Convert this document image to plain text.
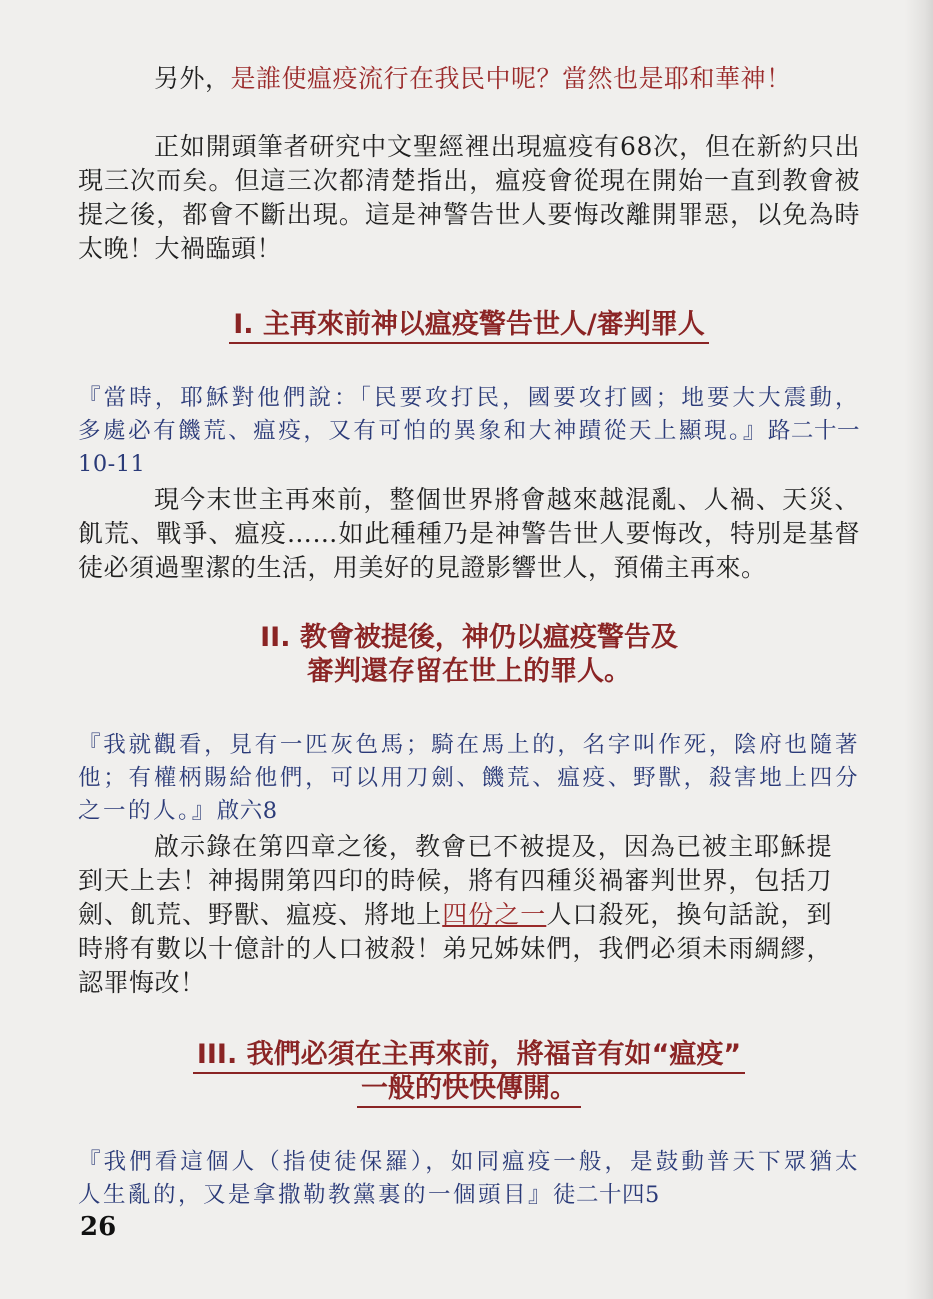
另外，是誰使瘟疫流行在我民中呢？當然也是耶和華神！

正如開頭筆者研究中文聖經裡出現瘟疫有68次，但在新約只出現三次而矣。但這三次都清楚指出，瘟疫會從現在開始一直到教會被提之後，都會不斷出現。這是神警告世人要悔改離開罪惡，以免為時太晚！大禍臨頭！

I. 主再來前神以瘟疫警告世人/審判罪人

『當時，耶穌對他們說：「民要攻打民，國要攻打國；地要大大震動，多處必有饑荒、瘟疫，又有可怕的異象和大神蹟從天上顯現。』路二十一10-11

現今末世主再來前，整個世界將會越來越混亂、人禍、天災、飢荒、戰爭、瘟疫……如此種種乃是神警告世人要悔改，特別是基督徒必須過聖潔的生活，用美好的見證影響世人，預備主再來。

II. 教會被提後，神仍以瘟疫警告及
審判還存留在世上的罪人。

『我就觀看，見有一匹灰色馬；騎在馬上的，名字叫作死，陰府也隨著他；有權柄賜給他們，可以用刀劍、饑荒、瘟疫、野獸，殺害地上四分之一的人。』啟六8

啟示錄在第四章之後，教會已不被提及，因為已被主耶穌提到天上去！神揭開第四印的時候，將有四種災禍審判世界，包括刀劍、飢荒、野獸、瘟疫、將地上四份之一人口殺死，換句話說，到時將有數以十億計的人口被殺！弟兄姊妹們，我們必須未雨綢繆，認罪悔改！

III. 我們必須在主再來前，將福音有如“瘟疫”
一般的快快傳開。

『我們看這個人（指使徒保羅），如同瘟疫一般，是鼓動普天下眾猶太人生亂的，又是拿撒勒教黨裏的一個頭目』徒二十四5

26
